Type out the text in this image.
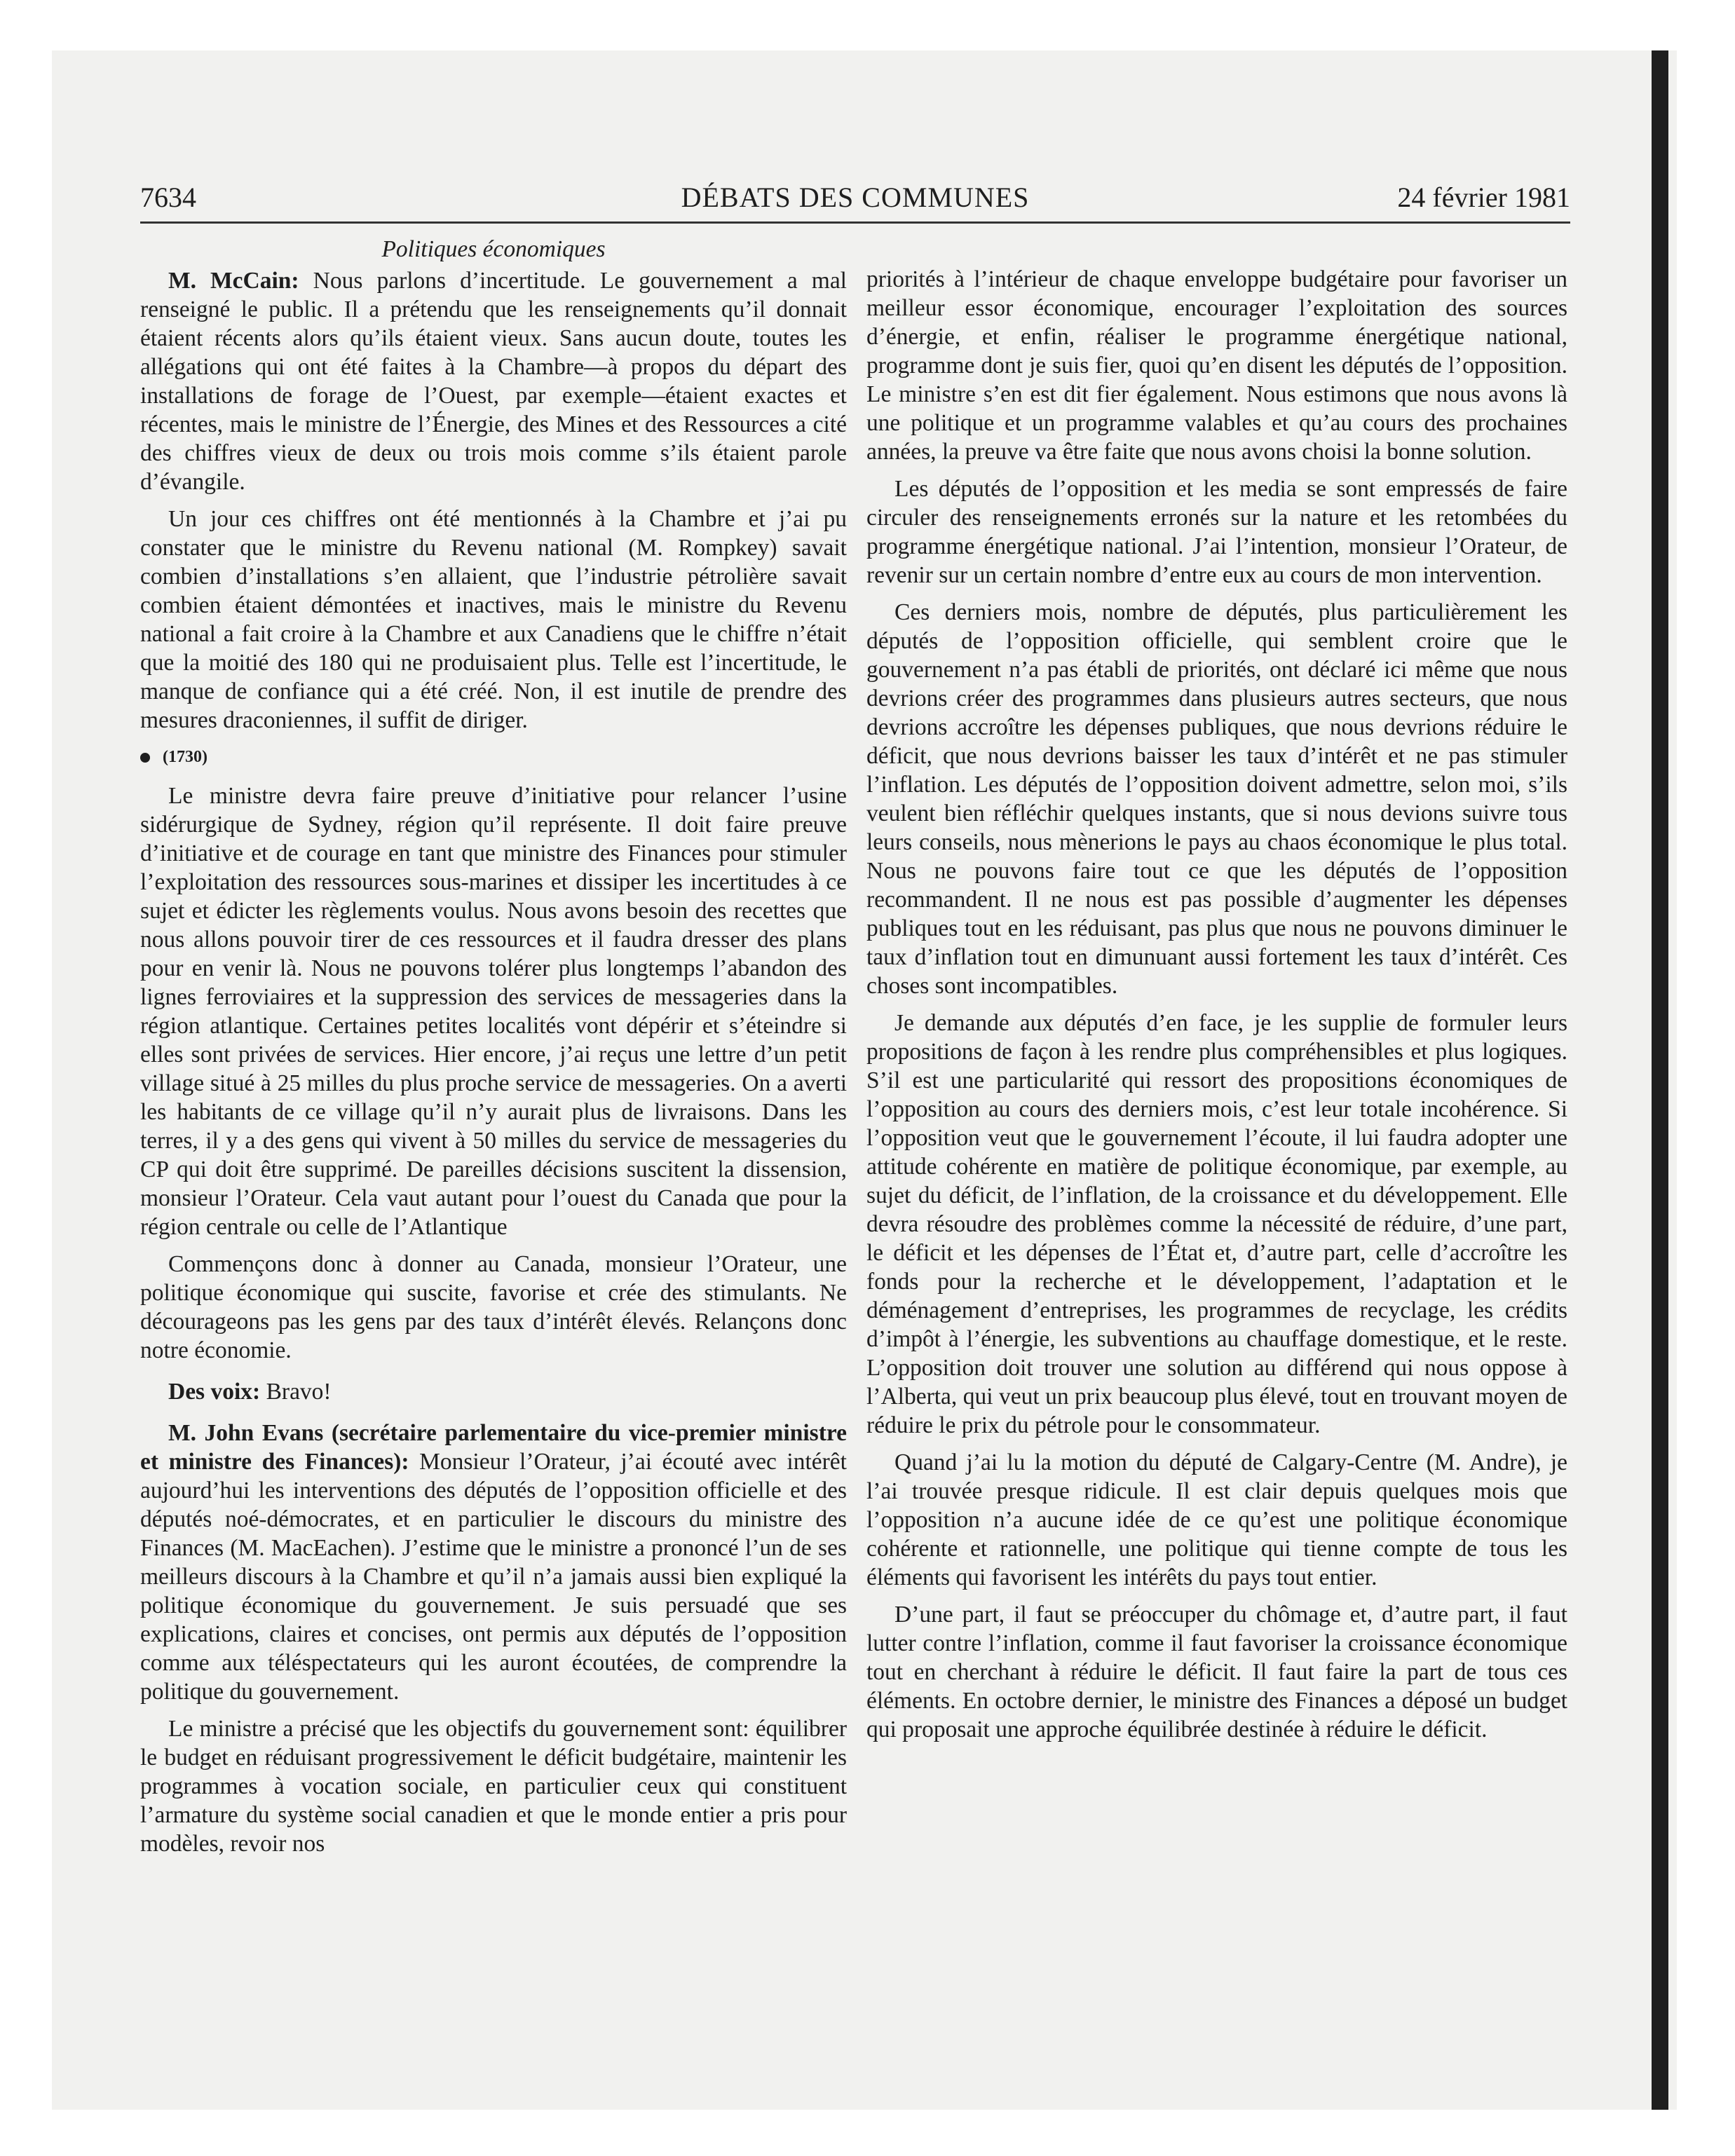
7634	DÉBATS DES COMMUNES	24 février 1981
Politiques économiques

M. McCain: Nous parlons d’incertitude. Le gouvernement a mal renseigné le public. Il a prétendu que les renseignements qu’il donnait étaient récents alors qu’ils étaient vieux. Sans aucun doute, toutes les allégations qui ont été faites à la Chambre—à propos du départ des installations de forage de l’Ouest, par exemple—étaient exactes et récentes, mais le ministre de l’Énergie, des Mines et des Ressources a cité des chiffres vieux de deux ou trois mois comme s’ils étaient parole d’évangile.

Un jour ces chiffres ont été mentionnés à la Chambre et j’ai pu constater que le ministre du Revenu national (M. Rompkey) savait combien d’installations s’en allaient, que l’industrie pétrolière savait combien étaient démontées et inactives, mais le ministre du Revenu national a fait croire à la Chambre et aux Canadiens que le chiffre n’était que la moitié des 180 qui ne produisaient plus. Telle est l’incertitude, le manque de confiance qui a été créé. Non, il est inutile de prendre des mesures draconiennes, il suffit de diriger.

(1730)

Le ministre devra faire preuve d’initiative pour relancer l’usine sidérurgique de Sydney, région qu’il représente. Il doit faire preuve d’initiative et de courage en tant que ministre des Finances pour stimuler l’exploitation des ressources sous-marines et dissiper les incertitudes à ce sujet et édicter les règlements voulus. Nous avons besoin des recettes que nous allons pouvoir tirer de ces ressources et il faudra dresser des plans pour en venir là. Nous ne pouvons tolérer plus longtemps l’abandon des lignes ferroviaires et la suppression des services de messageries dans la région atlantique. Certaines petites localités vont dépérir et s’éteindre si elles sont privées de services. Hier encore, j’ai reçus une lettre d’un petit village situé à 25 milles du plus proche service de messageries. On a averti les habitants de ce village qu’il n’y aurait plus de livraisons. Dans les terres, il y a des gens qui vivent à 50 milles du service de messageries du CP qui doit être supprimé. De pareilles décisions suscitent la dissension, monsieur l’Orateur. Cela vaut autant pour l’ouest du Canada que pour la région centrale ou celle de l’Atlantique

Commençons donc à donner au Canada, monsieur l’Orateur, une politique économique qui suscite, favorise et crée des stimulants. Ne décourageons pas les gens par des taux d’intérêt élevés. Relançons donc notre économie.

Des voix: Bravo!

M. John Evans (secrétaire parlementaire du vice-premier ministre et ministre des Finances): Monsieur l’Orateur, j’ai écouté avec intérêt aujourd’hui les interventions des députés de l’opposition officielle et des députés noé-démocrates, et en particulier le discours du ministre des Finances (M. MacEachen). J’estime que le ministre a prononcé l’un de ses meilleurs discours à la Chambre et qu’il n’a jamais aussi bien expliqué la politique économique du gouvernement. Je suis persuadé que ses explications, claires et concises, ont permis aux députés de l’opposition comme aux téléspectateurs qui les auront écoutées, de comprendre la politique du gouvernement.

Le ministre a précisé que les objectifs du gouvernement sont: équilibrer le budget en réduisant progressivement le déficit budgétaire, maintenir les programmes à vocation sociale, en particulier ceux qui constituent l’armature du système social canadien et que le monde entier a pris pour modèles, revoir nos

priorités à l’intérieur de chaque enveloppe budgétaire pour favoriser un meilleur essor économique, encourager l’exploitation des sources d’énergie, et enfin, réaliser le programme énergétique national, programme dont je suis fier, quoi qu’en disent les députés de l’opposition. Le ministre s’en est dit fier également. Nous estimons que nous avons là une politique et un programme valables et qu’au cours des prochaines années, la preuve va être faite que nous avons choisi la bonne solution.

Les députés de l’opposition et les media se sont empressés de faire circuler des renseignements erronés sur la nature et les retombées du programme énergétique national. J’ai l’intention, monsieur l’Orateur, de revenir sur un certain nombre d’entre eux au cours de mon intervention.

Ces derniers mois, nombre de députés, plus particulièrement les députés de l’opposition officielle, qui semblent croire que le gouvernement n’a pas établi de priorités, ont déclaré ici même que nous devrions créer des programmes dans plusieurs autres secteurs, que nous devrions accroître les dépenses publiques, que nous devrions réduire le déficit, que nous devrions baisser les taux d’intérêt et ne pas stimuler l’inflation. Les députés de l’opposition doivent admettre, selon moi, s’ils veulent bien réfléchir quelques instants, que si nous devions suivre tous leurs conseils, nous mènerions le pays au chaos économique le plus total. Nous ne pouvons faire tout ce que les députés de l’opposition recommandent. Il ne nous est pas possible d’augmenter les dépenses publiques tout en les réduisant, pas plus que nous ne pouvons diminuer le taux d’inflation tout en dimunuant aussi fortement les taux d’intérêt. Ces choses sont incompatibles.

Je demande aux députés d’en face, je les supplie de formuler leurs propositions de façon à les rendre plus compréhensibles et plus logiques. S’il est une particularité qui ressort des propositions économiques de l’opposition au cours des derniers mois, c’est leur totale incohérence. Si l’opposition veut que le gouvernement l’écoute, il lui faudra adopter une attitude cohérente en matière de politique économique, par exemple, au sujet du déficit, de l’inflation, de la croissance et du développement. Elle devra résoudre des problèmes comme la nécessité de réduire, d’une part, le déficit et les dépenses de l’État et, d’autre part, celle d’accroître les fonds pour la recherche et le développement, l’adaptation et le déménagement d’entreprises, les programmes de recyclage, les crédits d’impôt à l’énergie, les subventions au chauffage domestique, et le reste. L’opposition doit trouver une solution au différend qui nous oppose à l’Alberta, qui veut un prix beaucoup plus élevé, tout en trouvant moyen de réduire le prix du pétrole pour le consommateur.

Quand j’ai lu la motion du député de Calgary-Centre (M. Andre), je l’ai trouvée presque ridicule. Il est clair depuis quelques mois que l’opposition n’a aucune idée de ce qu’est une politique économique cohérente et rationnelle, une politique qui tienne compte de tous les éléments qui favorisent les intérêts du pays tout entier.

D’une part, il faut se préoccuper du chômage et, d’autre part, il faut lutter contre l’inflation, comme il faut favoriser la croissance économique tout en cherchant à réduire le déficit. Il faut faire la part de tous ces éléments. En octobre dernier, le ministre des Finances a déposé un budget qui proposait une approche équilibrée destinée à réduire le déficit.
